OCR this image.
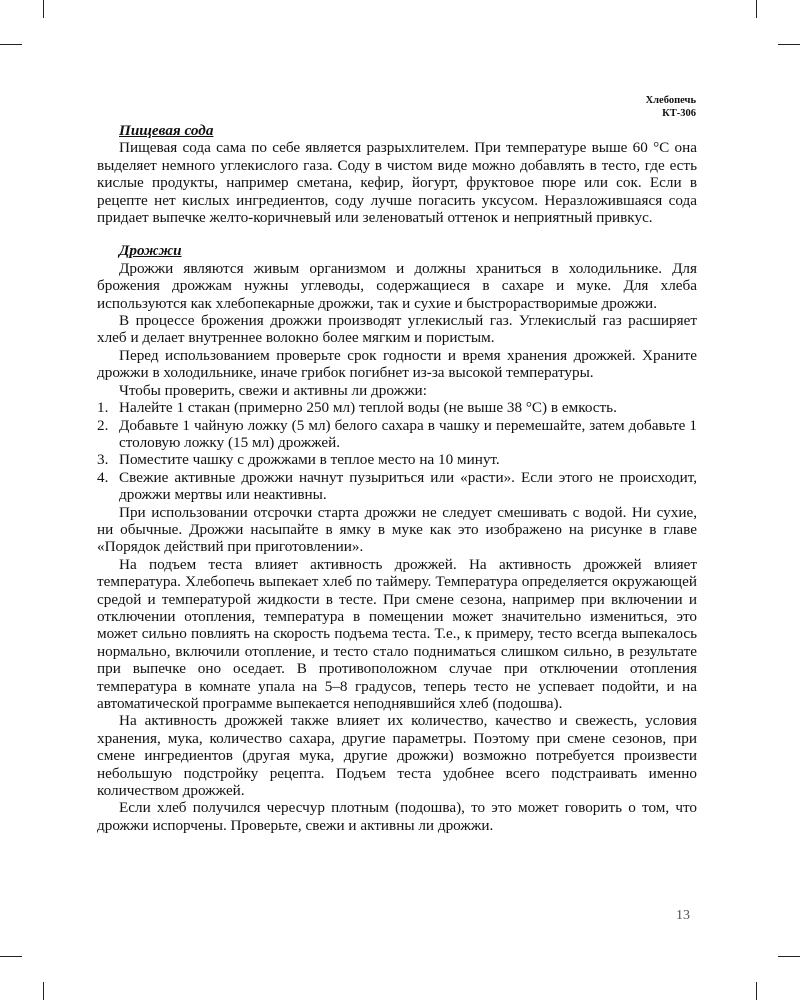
Хлебопечь
КТ-306
Пищевая сода

Пищевая сода сама по себе является разрыхлителем. При температуре выше 60 °С она выделяет немного углекислого газа. Соду в чистом виде можно добавлять в тесто, где есть кислые продукты, например сметана, кефир, йогурт, фруктовое пюре или сок. Если в рецепте нет кислых ингредиентов, соду лучше погасить уксусом. Неразложившаяся сода придает выпечке желто-коричневый или зеленоватый оттенок и неприятный привкус.

Дрожжи

Дрожжи являются живым организмом и должны храниться в холодильнике. Для брожения дрожжам нужны углеводы, содержащиеся в сахаре и муке. Для хлеба используются как хлебопекарные дрожжи, так и сухие и быстрорастворимые дрожжи.

В процессе брожения дрожжи производят углекислый газ. Углекислый газ расширяет хлеб и делает внутреннее волокно более мягким и пористым.

Перед использованием проверьте срок годности и время хранения дрожжей. Храните дрожжи в холодильнике, иначе грибок погибнет из-за высокой температуры.

Чтобы проверить, свежи и активны ли дрожжи:

1. Налейте 1 стакан (примерно 250 мл) теплой воды (не выше 38 °С) в емкость.
2. Добавьте 1 чайную ложку (5 мл) белого сахара в чашку и перемешайте, затем добавьте 1 столовую ложку (15 мл) дрожжей.
3. Поместите чашку с дрожжами в теплое место на 10 минут.
4. Свежие активные дрожжи начнут пузыриться или «расти». Если этого не происходит, дрожжи мертвы или неактивны.

При использовании отсрочки старта дрожжи не следует смешивать с водой. Ни сухие, ни обычные. Дрожжи насыпайте в ямку в муке как это изображено на рисунке в главе «Порядок действий при приготовлении».

На подъем теста влияет активность дрожжей. На активность дрожжей влияет температура. Хлебопечь выпекает хлеб по таймеру. Температура определяется окружающей средой и температурой жидкости в тесте. При смене сезона, например при включении и отключении отопления, температура в помещении может значительно измениться, это может сильно повлиять на скорость подъема теста. Т.е., к примеру, тесто всегда выпекалось нормально, включили отопление, и тесто стало подниматься слишком сильно, в результате при выпечке оно оседает. В противоположном случае при отключении отопления температура в комнате упала на 5–8 градусов, теперь тесто не успевает подойти, и на автоматической программе выпекается неподнявшийся хлеб (подошва).

На активность дрожжей также влияет их количество, качество и свежесть, условия хранения, мука, количество сахара, другие параметры. Поэтому при смене сезонов, при смене ингредиентов (другая мука, другие дрожжи) возможно потребуется произвести небольшую подстройку рецепта. Подъем теста удобнее всего подстраивать именно количеством дрожжей.

Если хлеб получился чересчур плотным (подошва), то это может говорить о том, что дрожжи испорчены. Проверьте, свежи и активны ли дрожжи.

13
